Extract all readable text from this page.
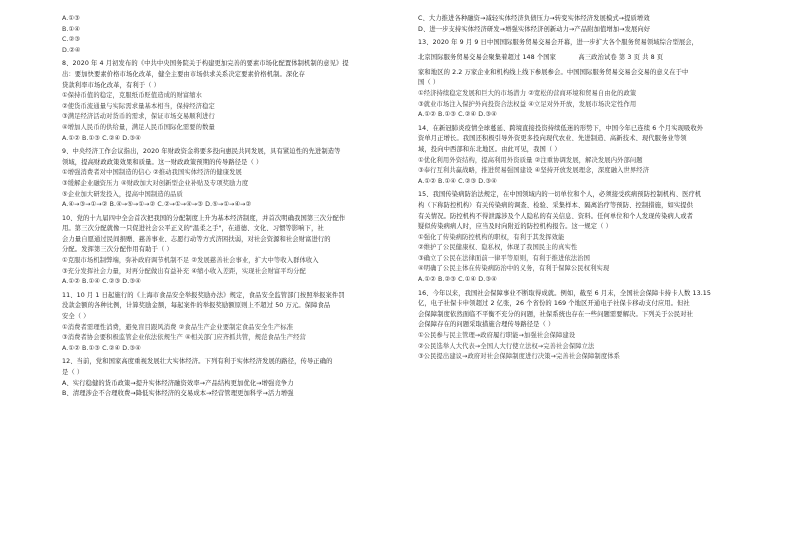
A.①③
B.①④
C.②③
D.②④
8、2020 年 4 月初发布的《中共中央国务院关于构建更加完善的要素市场化配置体制机制的意见》提
出：要加快要素价格市场化改革，健全主要由市场供求关系决定要素价格机制。深化存
贷款利率市场化改革，有利于（ ）
①保持币值的稳定，克服纸币贬值造成的财富缩水
②使货币流通量与实际需求量基本相当，保持经济稳定
③满足经济活动对货币的需求，保证市场交易顺利进行
④增加人民币的供给量，满足人民币国际化需要的数量
A.①② B.①③ C.②④ D.③④
9、中央经济工作会议指出，2020 年财政资金将要多投向惠民共同发展，具有紧迫性的先进制造等
领域，提高财政政策效果和质量。这一财政政策预期的传导路径是（ ）
①增强消费者对中国制造的信心 ②推动我国实体经济的健康发展
③缓解企业融资压力 ④财政加大对创新型企业补贴及专项奖励力度
⑤企业加大研发投入，提高中国制造的品质
A.④→③→①→② B.④→⑤→①→② C.②→①→④→③ D.⑤→①→④→②
10、党的十九届四中全会首次把我国的分配制度上升为基本经济制度，并首次明确我国第三次分配作
用。第三次分配就像一只促进社会公平正义的"温柔之手"，在道德、文化、习惯等影响下，社
会力量自愿通过民间捐赠、慈善事业、志愿行动等方式济困扶弱，对社会资源和社会财富进行的
分配。发挥第三次分配作用有助于（ ）
①克服市场机制弊端，弥补政府调节机制不足 ②发展慈善社会事业，扩大中等收入群体收入
③充分发挥社会力量，对再分配做出有益补充 ④缩小收入差距，实现社会财富平均分配
A.①② B.①④ C.②③ D.③④
11、10 月 1 日起施行的《上海市食品安全举报奖励办法》规定，食品安全监管部门按照举报案件罚
没款金额的各种比例，计算奖励金额，每起案件的举报奖励额原则上不超过 50 万元。保障食品
安全（ ）
①消费者需理性消费，避免盲目跟风消费 ②食品生产企业要制定食品安全生产标准
③消费者协会要积极监管企业依法依规生产 ④相关部门应齐抓共管，规范食品生产经营
A.①② B.①③ C.②④ D.③④
12、当前，党和国家高度重视发展壮大实体经济。下列有利于实体经济发展的路径，传导正确的
是（ ）
A、实行稳健的货币政策→提升实体经济融资效率→产品结构更加优化→增强竞争力
B、清理涉企不合理收费→降低实体经济的交易成本→经营管理更加科学→活力增强
C、大力推进各种融资→减轻实体经济负债压力→转变实体经济发展模式→提质增效
D、进一步支持实体经济研发→增强实体经济创新动力→产品附加值增加→发展向好
13、2020 年 9 月 9 日中国国际服务贸易交易会开幕，进一步扩大各个服务贸易领域综合型展会，
北京国际服务贸易交易会聚集着超过 148 个国家	高三政治试卷 第 3 页 共 8 页
家和地区的 2.2 万家企业和机构线上线下参展参会。中国国际服务贸易交易会交易的意义在于中
国（ ）
①经济持续稳定发展和巨大的市场潜力 ②宽松的营商环境和贸易自由化的政策
③就业市场注入保护外向投资合法权益 ④立足对外开放，发展市场决定性作用
A.①② B.①③ C.②④ D.③④
14、在新冠肺炎疫情全球蔓延、跨境直接投资持续低迷的形势下，中国今年已连续 6 个月实现吸收外
资单月正增长。我国还积极引导外资更多投向现代农业、先进制造、高新技术、现代服务业等领
域，投向中西部和东北地区。由此可见，我国（ ）
①优化利用外资结构，提高利用外资质量 ②注重协调发展，解决发展内外部问题
③奉行互利共赢战略，推进贸易强国建设 ④坚持开放发展理念，深度融入世界经济
A.①② B.①④ C.②③ D.③④
15、我国传染病防治法规定，在中国领域内的一切单位和个人，必须接受疾病预防控制机构、医疗机
构（下称防控机构）有关传染病的调查、检验、采集样本、隔离治疗等预防、控制措施，如实提供
有关情况。防控机构不得泄露涉及个人隐私的有关信息、资料。任何单位和个人发现传染病人或者
疑似传染病病人时，应当及时向附近的防控机构报告。这一规定（ ）
①强化了传染病防控机构的职权，有利于其发挥效能
②维护了公民健康权、隐私权，体现了我国民主的真实性
③确立了公民在法律面前一律平等原则，有利于推进依法治国
④明确了公民主体在传染病防治中的义务，有利于保障公民权利实现
A.①② B.②③ C.①④ D.③④
16、今年以来，我国社会保障事业不断取得成就。例如，截至 6 月末，全国社会保障卡持卡人数 13.15
亿，电子社保卡申领超过 2 亿张，26 个省份的 169 个地区开通电子社保卡移动支付应用。但社
会保障制度依然面临不平衡不充分的问题，社保系统也存在一些问题需要解决。下列关于公民对社
会保障存在的问题采取措施合理传导路径是（ ）
①公民参与民主管理→政府履行职能→加强社会保障建设
②公民选举人大代表→全国人大行使立法权→完善社会保障立法
③公民提出建议→政府对社会保障制度进行决策→完善社会保障制度体系
